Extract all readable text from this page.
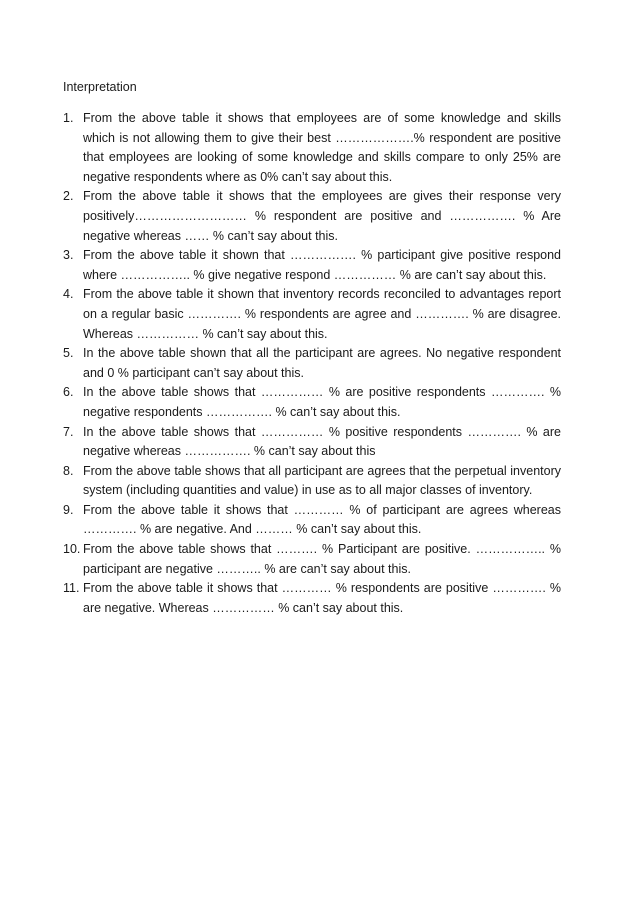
Interpretation
1. From the above table it shows that employees are of some knowledge and skills which is not allowing them to give their best ……………….% respondent are positive that employees are looking of some knowledge and skills compare to only 25% are negative respondents where as 0% can’t say about this.
2. From the above table it shows that the employees are gives their response very positively……………………… % respondent are positive and ……………. % Are negative whereas …… % can’t say about this.
3. From the above table it shown that ……………. % participant give positive respond where …………….. % give negative respond …………… % are can’t say about this.
4. From the above table it shown that inventory records reconciled to advantages report on a regular basic …………. % respondents are agree and …………. % are disagree. Whereas …………… % can’t say about this.
5. In the above table shown that all the participant are agrees. No negative respondent and 0 % participant can’t say about this.
6. In the above table shows that …………… % are positive respondents …………. % negative respondents ……………. % can’t say about this.
7. In the above table shows that …………… % positive respondents …………. % are negative whereas ……………. % can’t say about this
8. From the above table shows that all participant are agrees that the perpetual inventory system (including quantities and value) in use as to all major classes of inventory.
9. From the above table it shows that ………… % of participant are agrees whereas …………. % are negative. And ……… % can’t say about this.
10. From the above table shows that ………. % Participant are positive. …………….. % participant are negative ……….. % are can’t say about this.
11. From the above table it shows that ………… % respondents are positive …………. % are negative. Whereas …………… % can’t say about this.
